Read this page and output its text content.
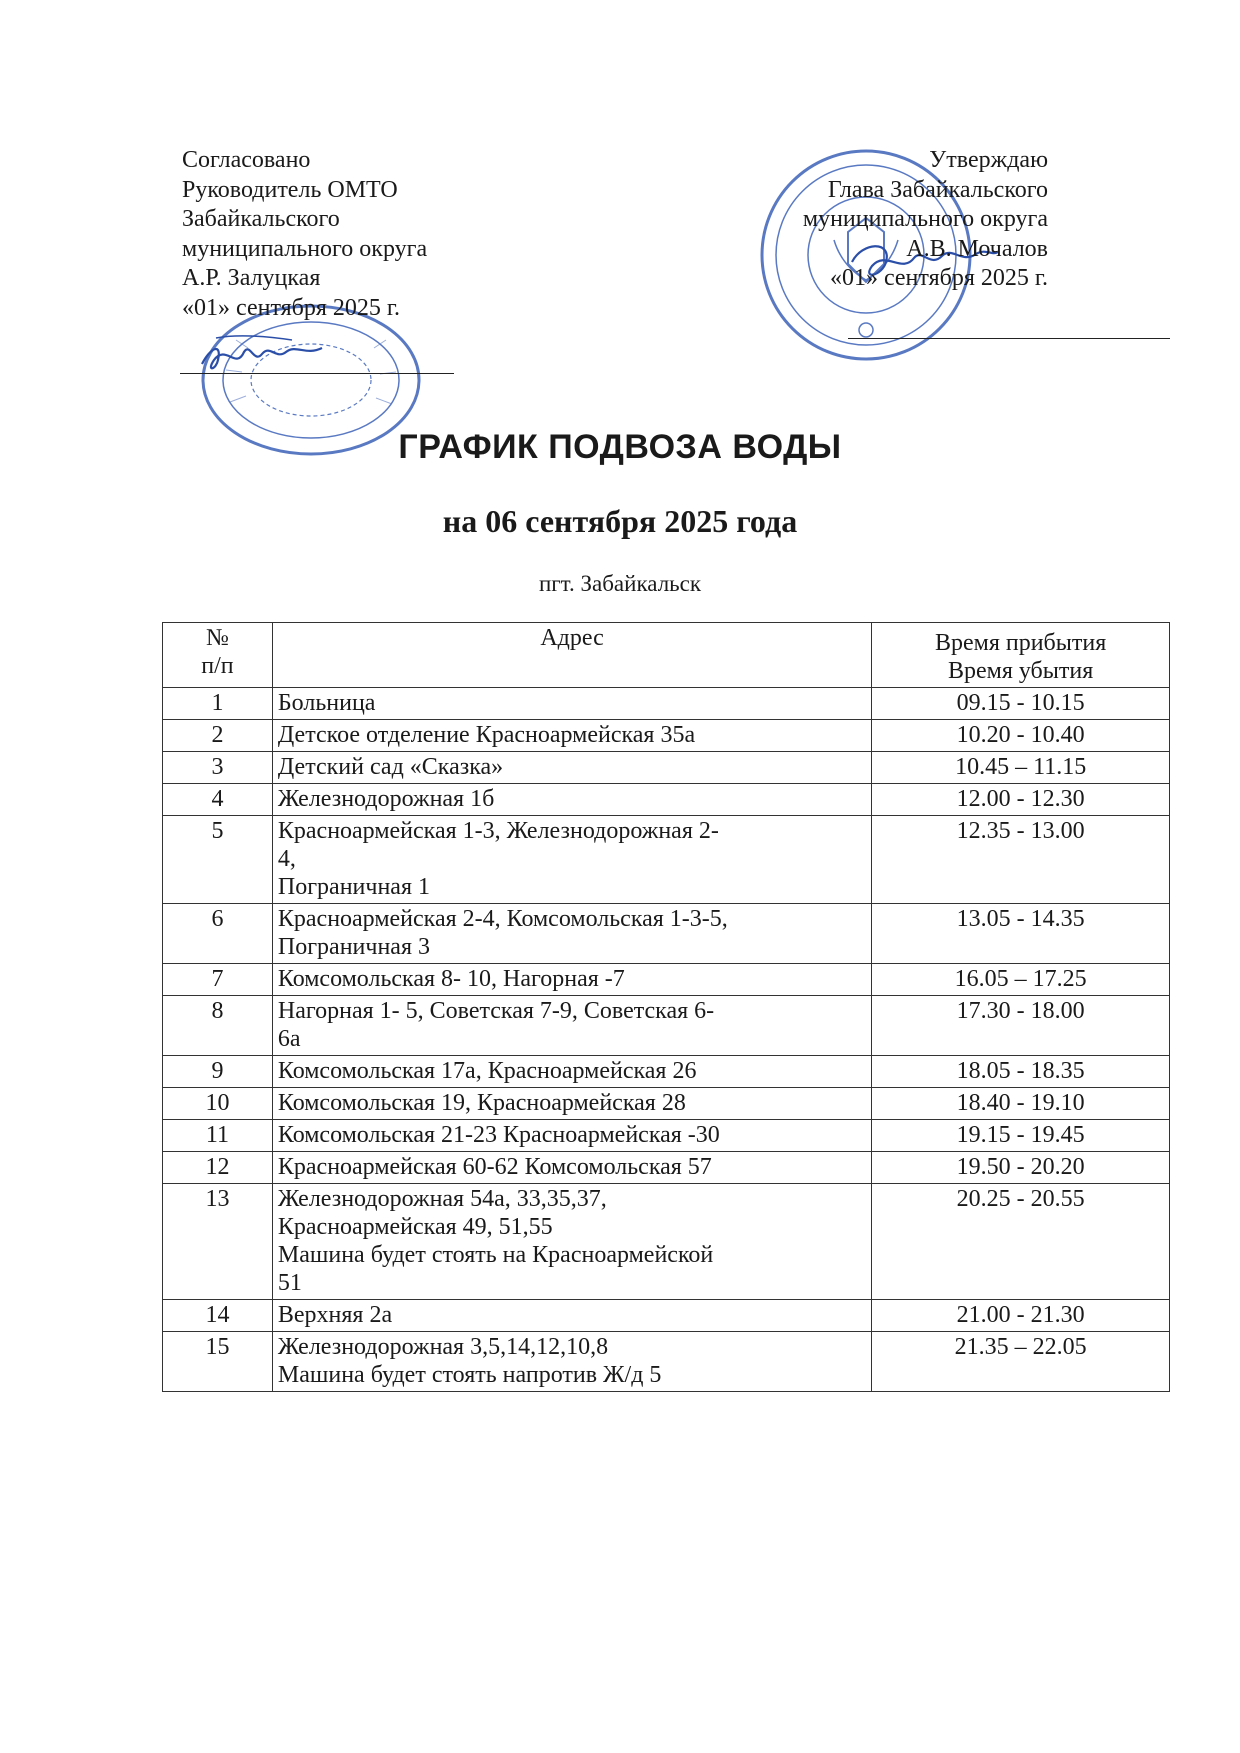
Согласовано
Руководитель ОМТО
Забайкальского
муниципального округа
А.Р. Залуцкая
«01» сентября 2025 г.
Утверждаю
Глава Забайкальского
муниципального округа
А.В. Мочалов
«01» сентября 2025 г.
ГРАФИК ПОДВОЗА ВОДЫ
на 06 сентября 2025 года
пгт. Забайкальск
№
п/п	Адрес	Время прибытия
Время убытия

1	Больница	09.15 - 10.15
2	Детское отделение Красноармейская 35а	10.20 - 10.40
3	Детский сад «Сказка»	10.45 – 11.15
4	Железнодорожная 1б	12.00 - 12.30
5	Красноармейская 1-3, Железнодорожная 2-
4,
Пограничная 1	12.35 - 13.00
6	Красноармейская 2-4, Комсомольская 1-3-5,
Пограничная 3	13.05 - 14.35
7	Комсомольская 8- 10, Нагорная -7	16.05 – 17.25
8	Нагорная 1- 5, Советская 7-9, Советская 6-
6а	17.30 - 18.00
9	Комсомольская 17а, Красноармейская 26	18.05 - 18.35
10	Комсомольская 19, Красноармейская 28	18.40 - 19.10
11	Комсомольская 21-23 Красноармейская -30	19.15 - 19.45
12	Красноармейская 60-62 Комсомольская 57	19.50 - 20.20
13	Железнодорожная 54а, 33,35,37,
Красноармейская 49, 51,55
Машина будет стоять на Красноармейской
51	20.25 - 20.55
14	Верхняя 2а	21.00 - 21.30
15	Железнодорожная 3,5,14,12,10,8
Машина будет стоять напротив Ж/д 5	21.35 – 22.05
